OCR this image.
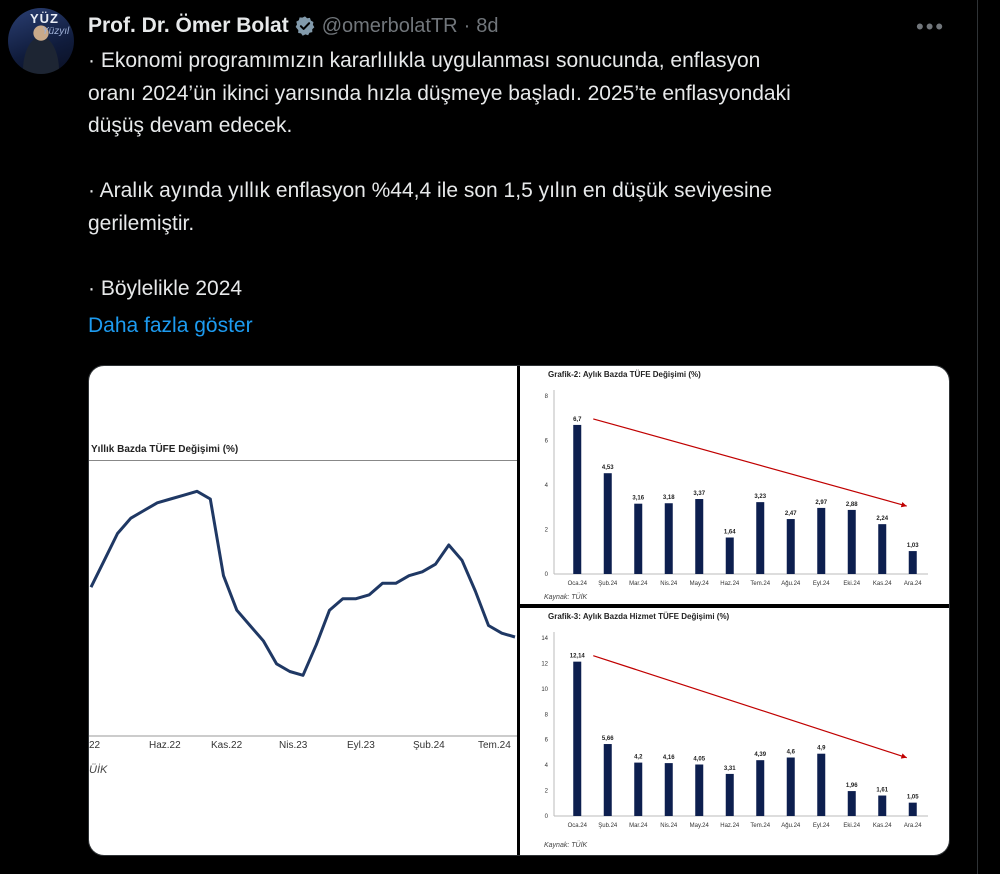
YÜZ
Yüzyıl Prof. Dr. Ömer Bolat @omerbolatTR · 8d	•••

· Ekonomi programımızın kararlılıkla uygulanması sonucunda, enflasyon

oranı 2024’ün ikinci yarısında hızla düşmeye başladı. 2025’te enflasyondaki

düşüş devam edecek.

· Aralık ayında yıllık enflasyon %44,4 ile son 1,5 yılın en düşük seviyesine

gerilemiştir.

· Böylelikle 2024

Daha fazla göster
Yıllık Bazda TÜFE Değişimi (%)
22	Haz.22	Kas.22	Nis.23	Eyl.23	Şub.24	Tem.24
ÜİK
Grafik-2: Aylık Bazda TÜFE Değişimi (%)
0
2
4
6
8
6,7
Oca.24
4,53
Şub.24
3,16
Mar.24
3,18
Nis.24
3,37
May.24
1,64
Haz.24
3,23
Tem.24
2,47
Ağu.24
2,97
Eyl.24
2,88
Eki.24
2,24
Kas.24
1,03
Ara.24
Kaynak: TÜİK
Grafik-3: Aylık Bazda Hizmet TÜFE Değişimi (%)
0
2
4
6
8
10
12
14
12,14
Oca.24
5,66
Şub.24
4,2
Mar.24
4,16
Nis.24
4,05
May.24
3,31
Haz.24
4,39
Tem.24
4,6
Ağu.24
4,9
Eyl.24
1,96
Eki.24
1,61
Kas.24
1,05
Ara.24
Kaynak: TÜİK
